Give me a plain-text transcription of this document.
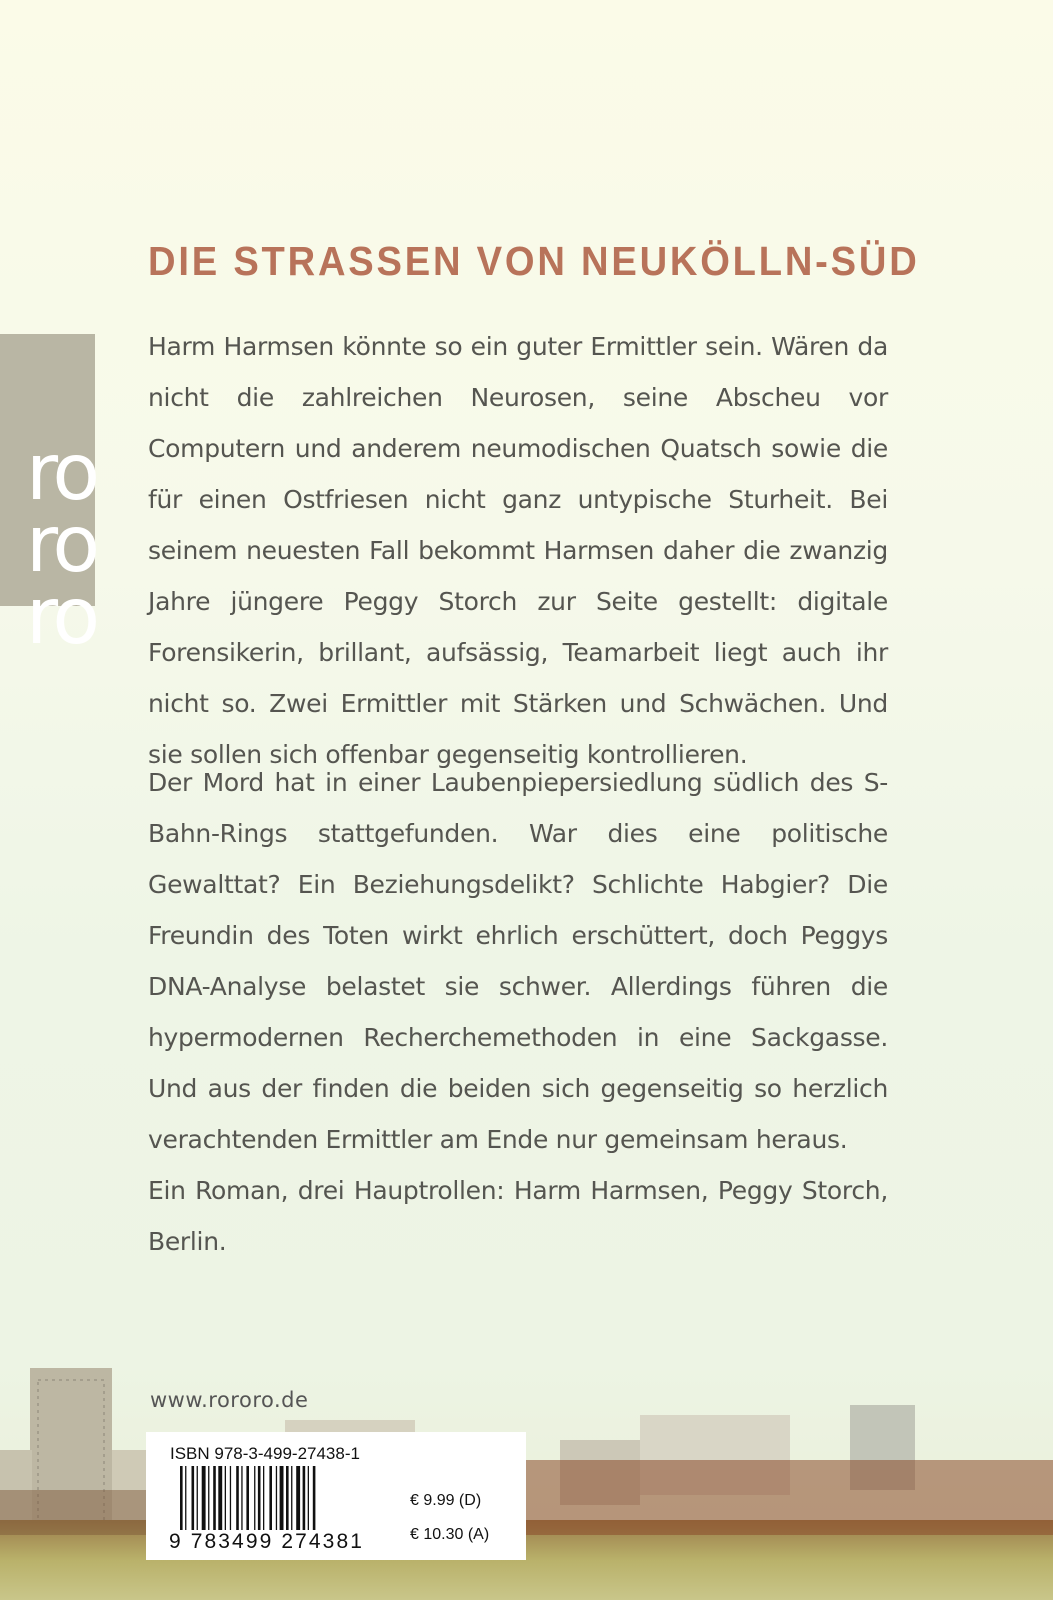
DIE STRASSEN VON NEUKÖLLN-SÜD
ro
ro
ro

Harm Harmsen könnte so ein guter Ermittler sein. Wären da nicht die zahlreichen Neurosen, seine Abscheu vor Computern und anderem neumodischen Quatsch sowie die für einen Ostfriesen nicht ganz untypische Sturheit. Bei seinem neuesten Fall bekommt Harmsen daher die zwanzig Jahre jüngere Peggy Storch zur Seite gestellt: digitale Forensikerin, brillant, aufsässig, Teamarbeit liegt auch ihr nicht so. Zwei Ermittler mit Stärken und Schwächen. Und sie sollen sich offenbar gegenseitig kontrollieren.

Der Mord hat in einer Laubenpiepersiedlung südlich des S-Bahn-Rings stattgefunden. War dies eine politische Gewalttat? Ein Beziehungsdelikt? Schlichte Habgier? Die Freundin des Toten wirkt ehrlich erschüttert, doch Peggys DNA-Analyse belastet sie schwer. Allerdings führen die hypermodernen Recherchemethoden in eine Sackgasse. Und aus der finden die beiden sich gegenseitig so herzlich verachtenden Ermittler am Ende nur gemeinsam heraus.

Ein Roman, drei Hauptrollen: Harm Harmsen, Peggy Storch, Berlin.

www.rororo.de
ISBN 978-3-499-27438-1
9 783499 274381
€ 9.99 (D)
€ 10.30 (A)
